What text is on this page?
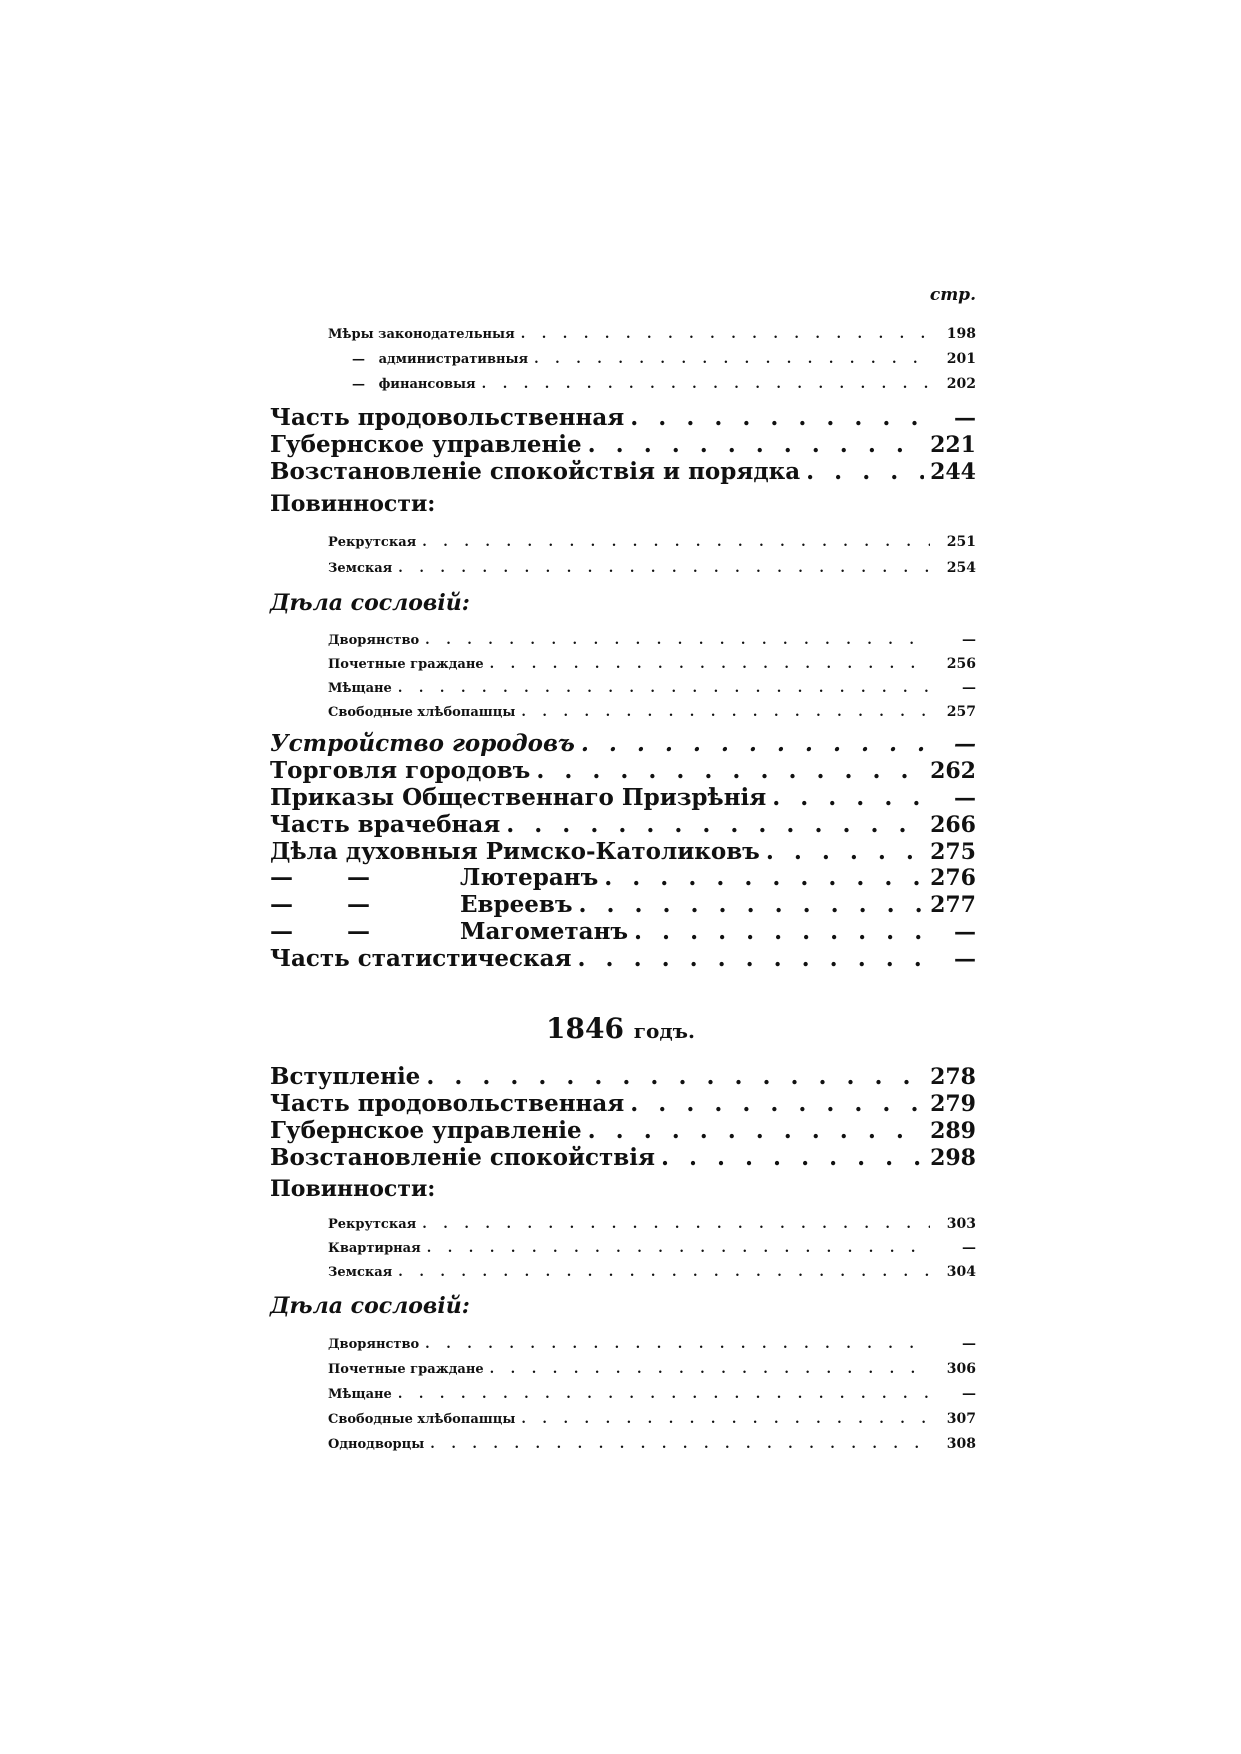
стр.
Мѣры законодательныя . . .	198
—   административныя . . .	201
—   финансовыя . . .	202
Часть продовольственная . . .	—
Губернское управленіе . . .	221
Возстановленіе спокойствія и порядка . . .	244
Повинности:
Рекрутская . . .	251
Земская . . .	254
Дѣла сословій:
Дворянство . . .	—
Почетные граждане . . .	256
Мѣщане . . .	—
Свободные хлѣбопашцы . . .	257
Устройство городовъ . . .	—
Торговля городовъ . . .	262
Приказы Общественнаго Призрѣнія . . .	—
Часть врачебная . . .	266
Дѣла духовныя Римско-Католиковъ . . .	275
— —	Лютеранъ . . .	276
— —	Евреевъ . . .	277
— —	Магометанъ . . .	—
Часть статистическая . . .	—
1846 годъ.
Вступленіе . . .	278
Часть продовольственная . . .	279
Губернское управленіе . . .	289
Возстановленіе спокойствія . . .	298
Повинности:
Рекрутская . . .	303
Квартирная . . .	—
Земская . . .	304
Дѣла сословій:
Дворянство . . .	—
Почетные граждане . . .	306
Мѣщане . . .	—
Свободные хлѣбопашцы . . .	307
Однодворцы . . .	308
